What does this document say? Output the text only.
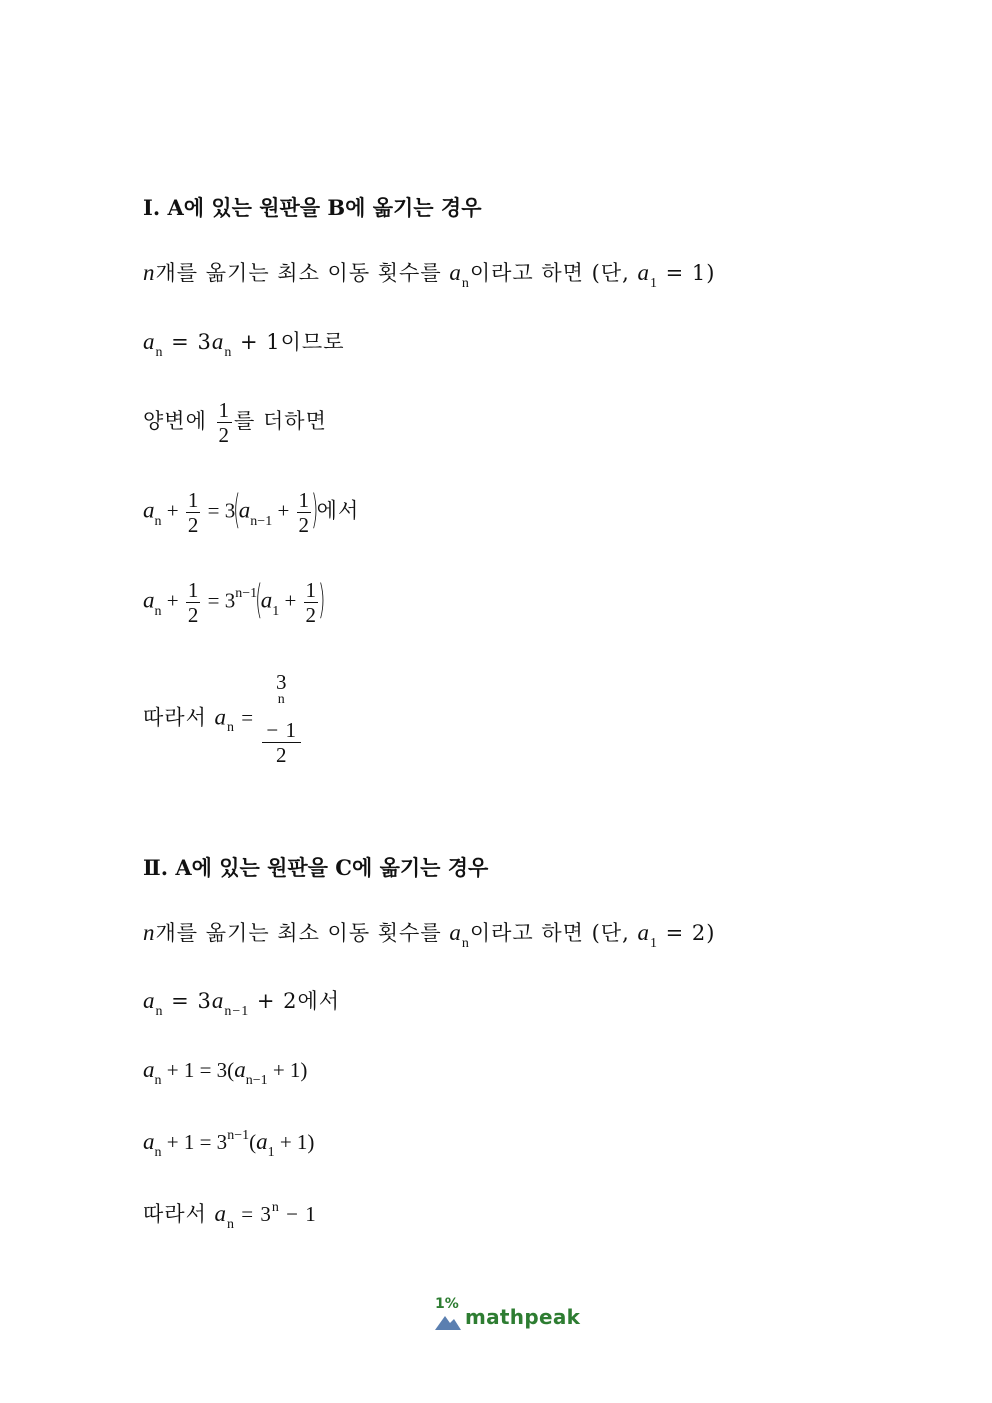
Ⅰ. A에 있는 원판을 B에 옮기는 경우
n개를 옮기는 최소 이동 횟수를 $a_n$이라고 하면 (단, $a_1 = 1$)
$a_n = 3a_n + 1$이므로
양변에 $\frac{1}{2}$ 를 더하면
$a_n + \frac{1}{2} = 3(a_{n-1} + \frac{1}{2}$ )에서
$a_n + \frac{1}{2} = 3^{n-1}(a_1 + \frac{1}{2}$ )
따라서 $a_n = 3$
$^n$
− 1
2
Ⅱ. A에 있는 원판을 C에 옮기는 경우
n개를 옮기는 최소 이동 횟수를 $a_n$이라고 하면 (단, $a_1 = 2$)
$a_n = 3a_{n-1} + 2$에서
$a_n + 1 = 3(a_{n-1} + 1)$
$a_n + 1 = 3^{n-1}(a_1 + 1)$
따라서 $a_n = 3^n - 1$
1%
mathpeak
